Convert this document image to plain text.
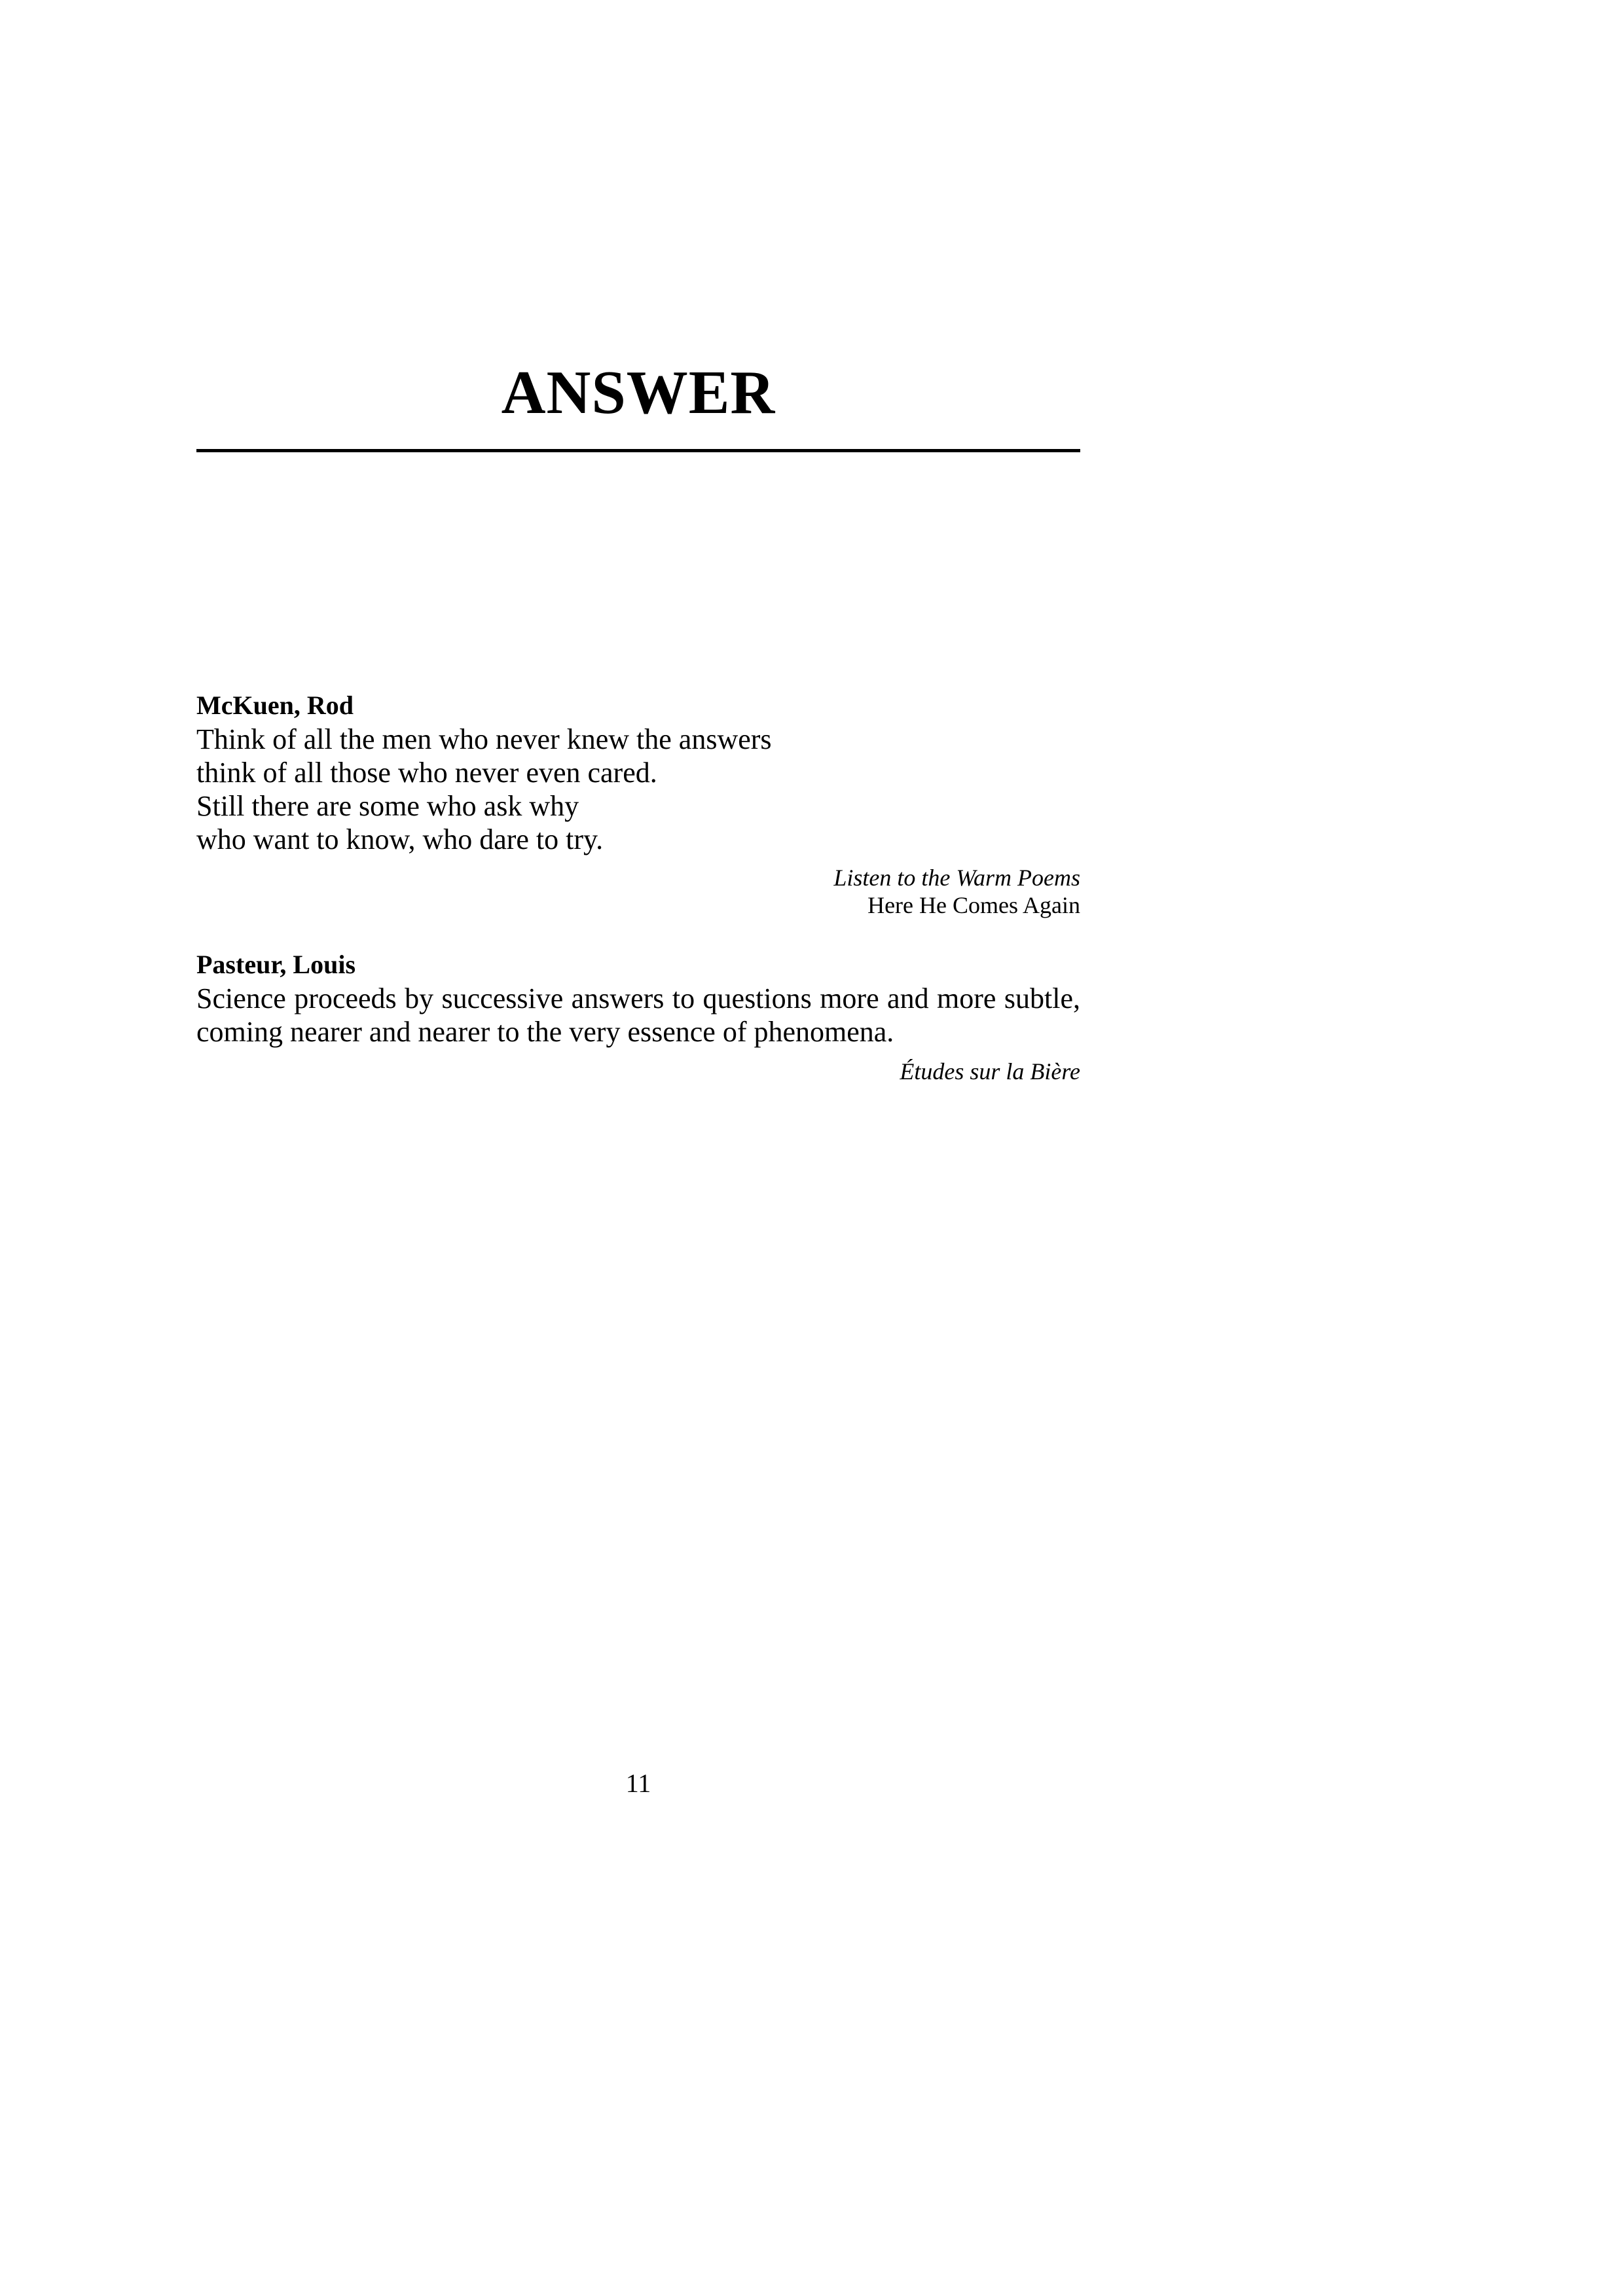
ANSWER

McKuen, Rod

Think of all the men who never knew the answers

think of all those who never even cared.

Still there are some who ask why

who want to know, who dare to try.

Listen to the Warm Poems

Here He Comes Again

Pasteur, Louis

Science proceeds by successive answers to questions more and more subtle, coming nearer and nearer to the very essence of phenomena.

Études sur la Bière

11
